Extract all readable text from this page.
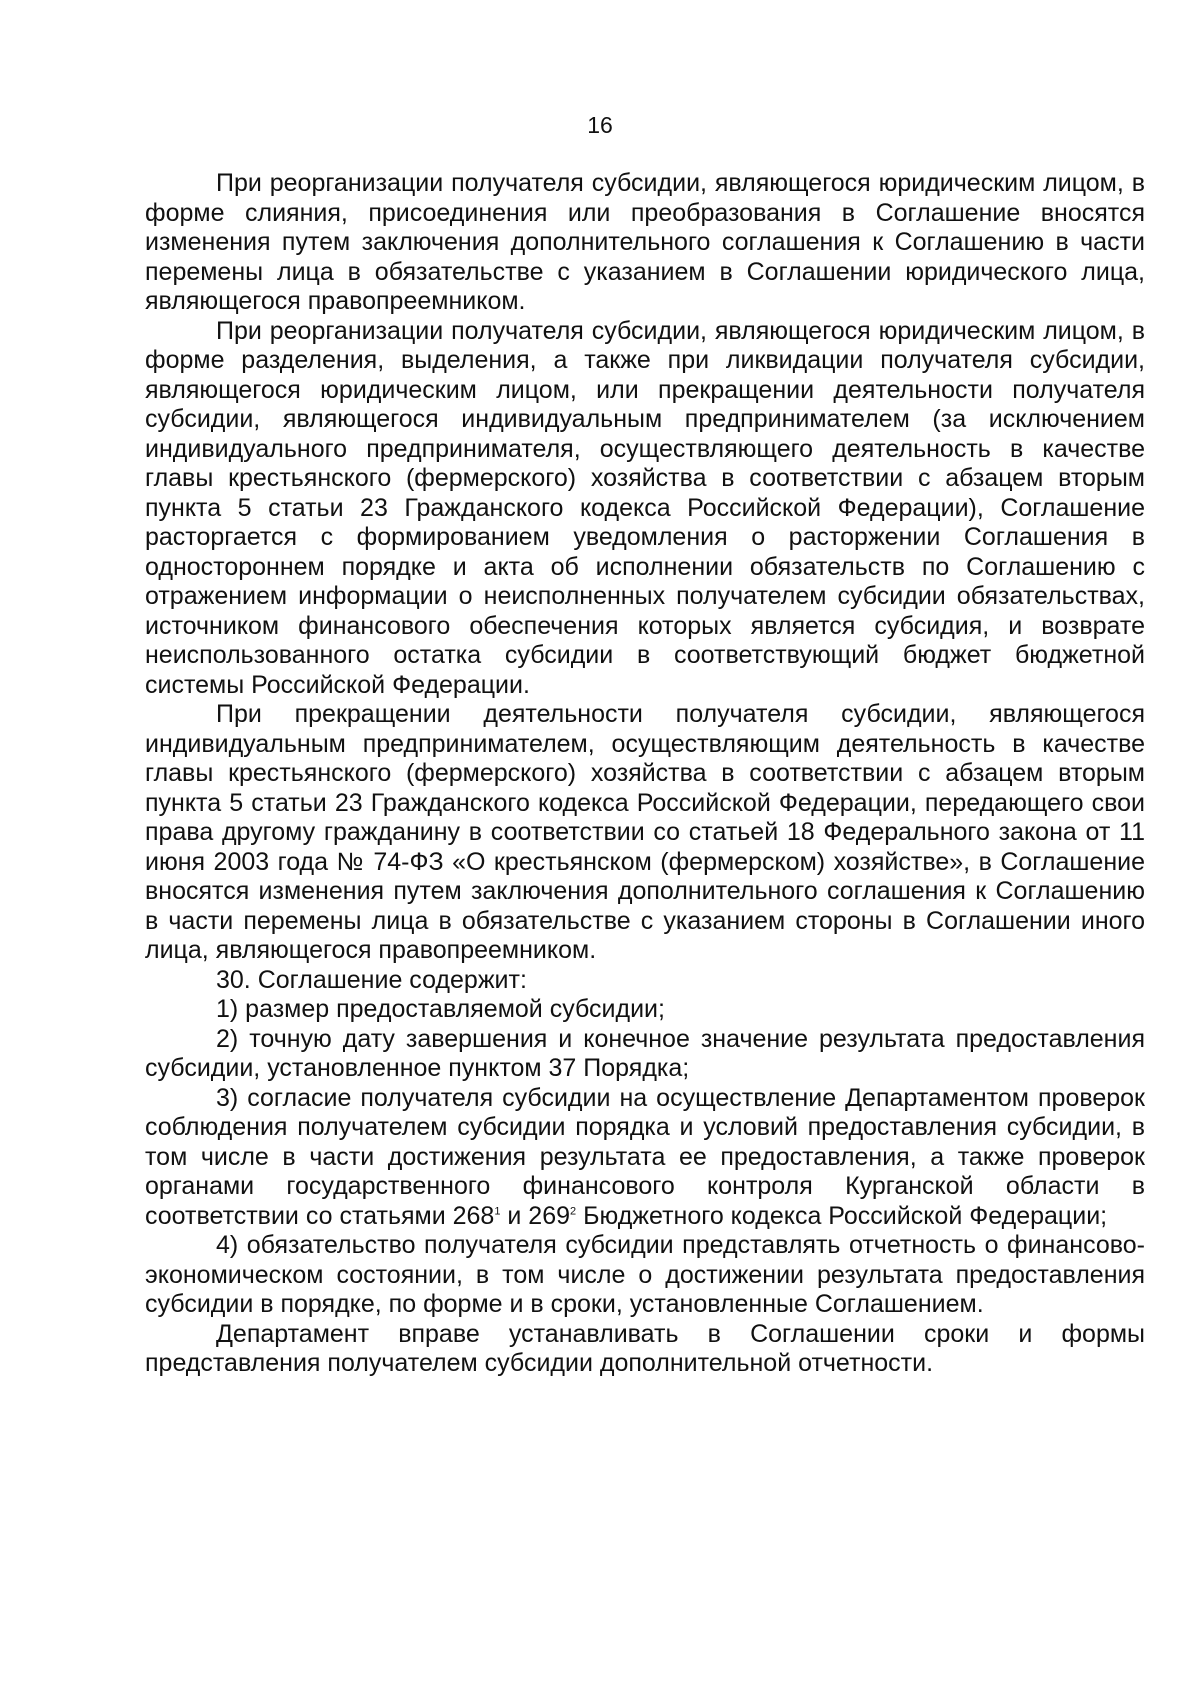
16

При реорганизации получателя субсидии, являющегося юридическим лицом, в форме слияния, присоединения или преобразования в Соглашение вносятся изменения путем заключения дополнительного соглашения к Соглашению в части перемены лица в обязательстве с указанием в Соглашении юридического лица, являющегося правопреемником.

При реорганизации получателя субсидии, являющегося юридическим лицом, в форме разделения, выделения, а также при ликвидации получателя субсидии, являющегося юридическим лицом, или прекращении деятельности получателя субсидии, являющегося индивидуальным предпринимателем (за исключением индивидуального предпринимателя, осуществляющего деятельность в качестве главы крестьянского (фермерского) хозяйства в соответствии с абзацем вторым пункта 5 статьи 23 Гражданского кодекса Российской Федерации), Соглашение расторгается с формированием уведомления о расторжении Соглашения в одностороннем порядке и акта об исполнении обязательств по Соглашению с отражением информации о неисполненных получателем субсидии обязательствах, источником финансового обеспечения которых является субсидия, и возврате неиспользованного остатка субсидии в соответствующий бюджет бюджетной системы Российской Федерации.

При прекращении деятельности получателя субсидии, являющегося индивидуальным предпринимателем, осуществляющим деятельность в качестве главы крестьянского (фермерского) хозяйства в соответствии с абзацем вторым пункта 5 статьи 23 Гражданского кодекса Российской Федерации, передающего свои права другому гражданину в соответствии со статьей 18 Федерального закона от 11 июня 2003 года № 74-ФЗ «О крестьянском (фермерском) хозяйстве», в Соглашение вносятся изменения путем заключения дополнительного соглашения к Соглашению в части перемены лица в обязательстве с указанием стороны в Соглашении иного лица, являющегося правопреемником.

30. Соглашение содержит:

1) размер предоставляемой субсидии;

2) точную дату завершения и конечное значение результата предоставления субсидии, установленное пунктом 37 Порядка;

3) согласие получателя субсидии на осуществление Департаментом проверок соблюдения получателем субсидии порядка и условий предоставления субсидии, в том числе в части достижения результата ее предоставления, а также проверок органами государственного финансового контроля Курганской области в соответствии со статьями $268^1$ и $269^2$ Бюджетного кодекса Российской Федерации;

4) обязательство получателя субсидии представлять отчетность о финансово-экономическом состоянии, в том числе о достижении результата предоставления субсидии в порядке, по форме и в сроки, установленные Соглашением.

Департамент вправе устанавливать в Соглашении сроки и формы представления получателем субсидии дополнительной отчетности.
